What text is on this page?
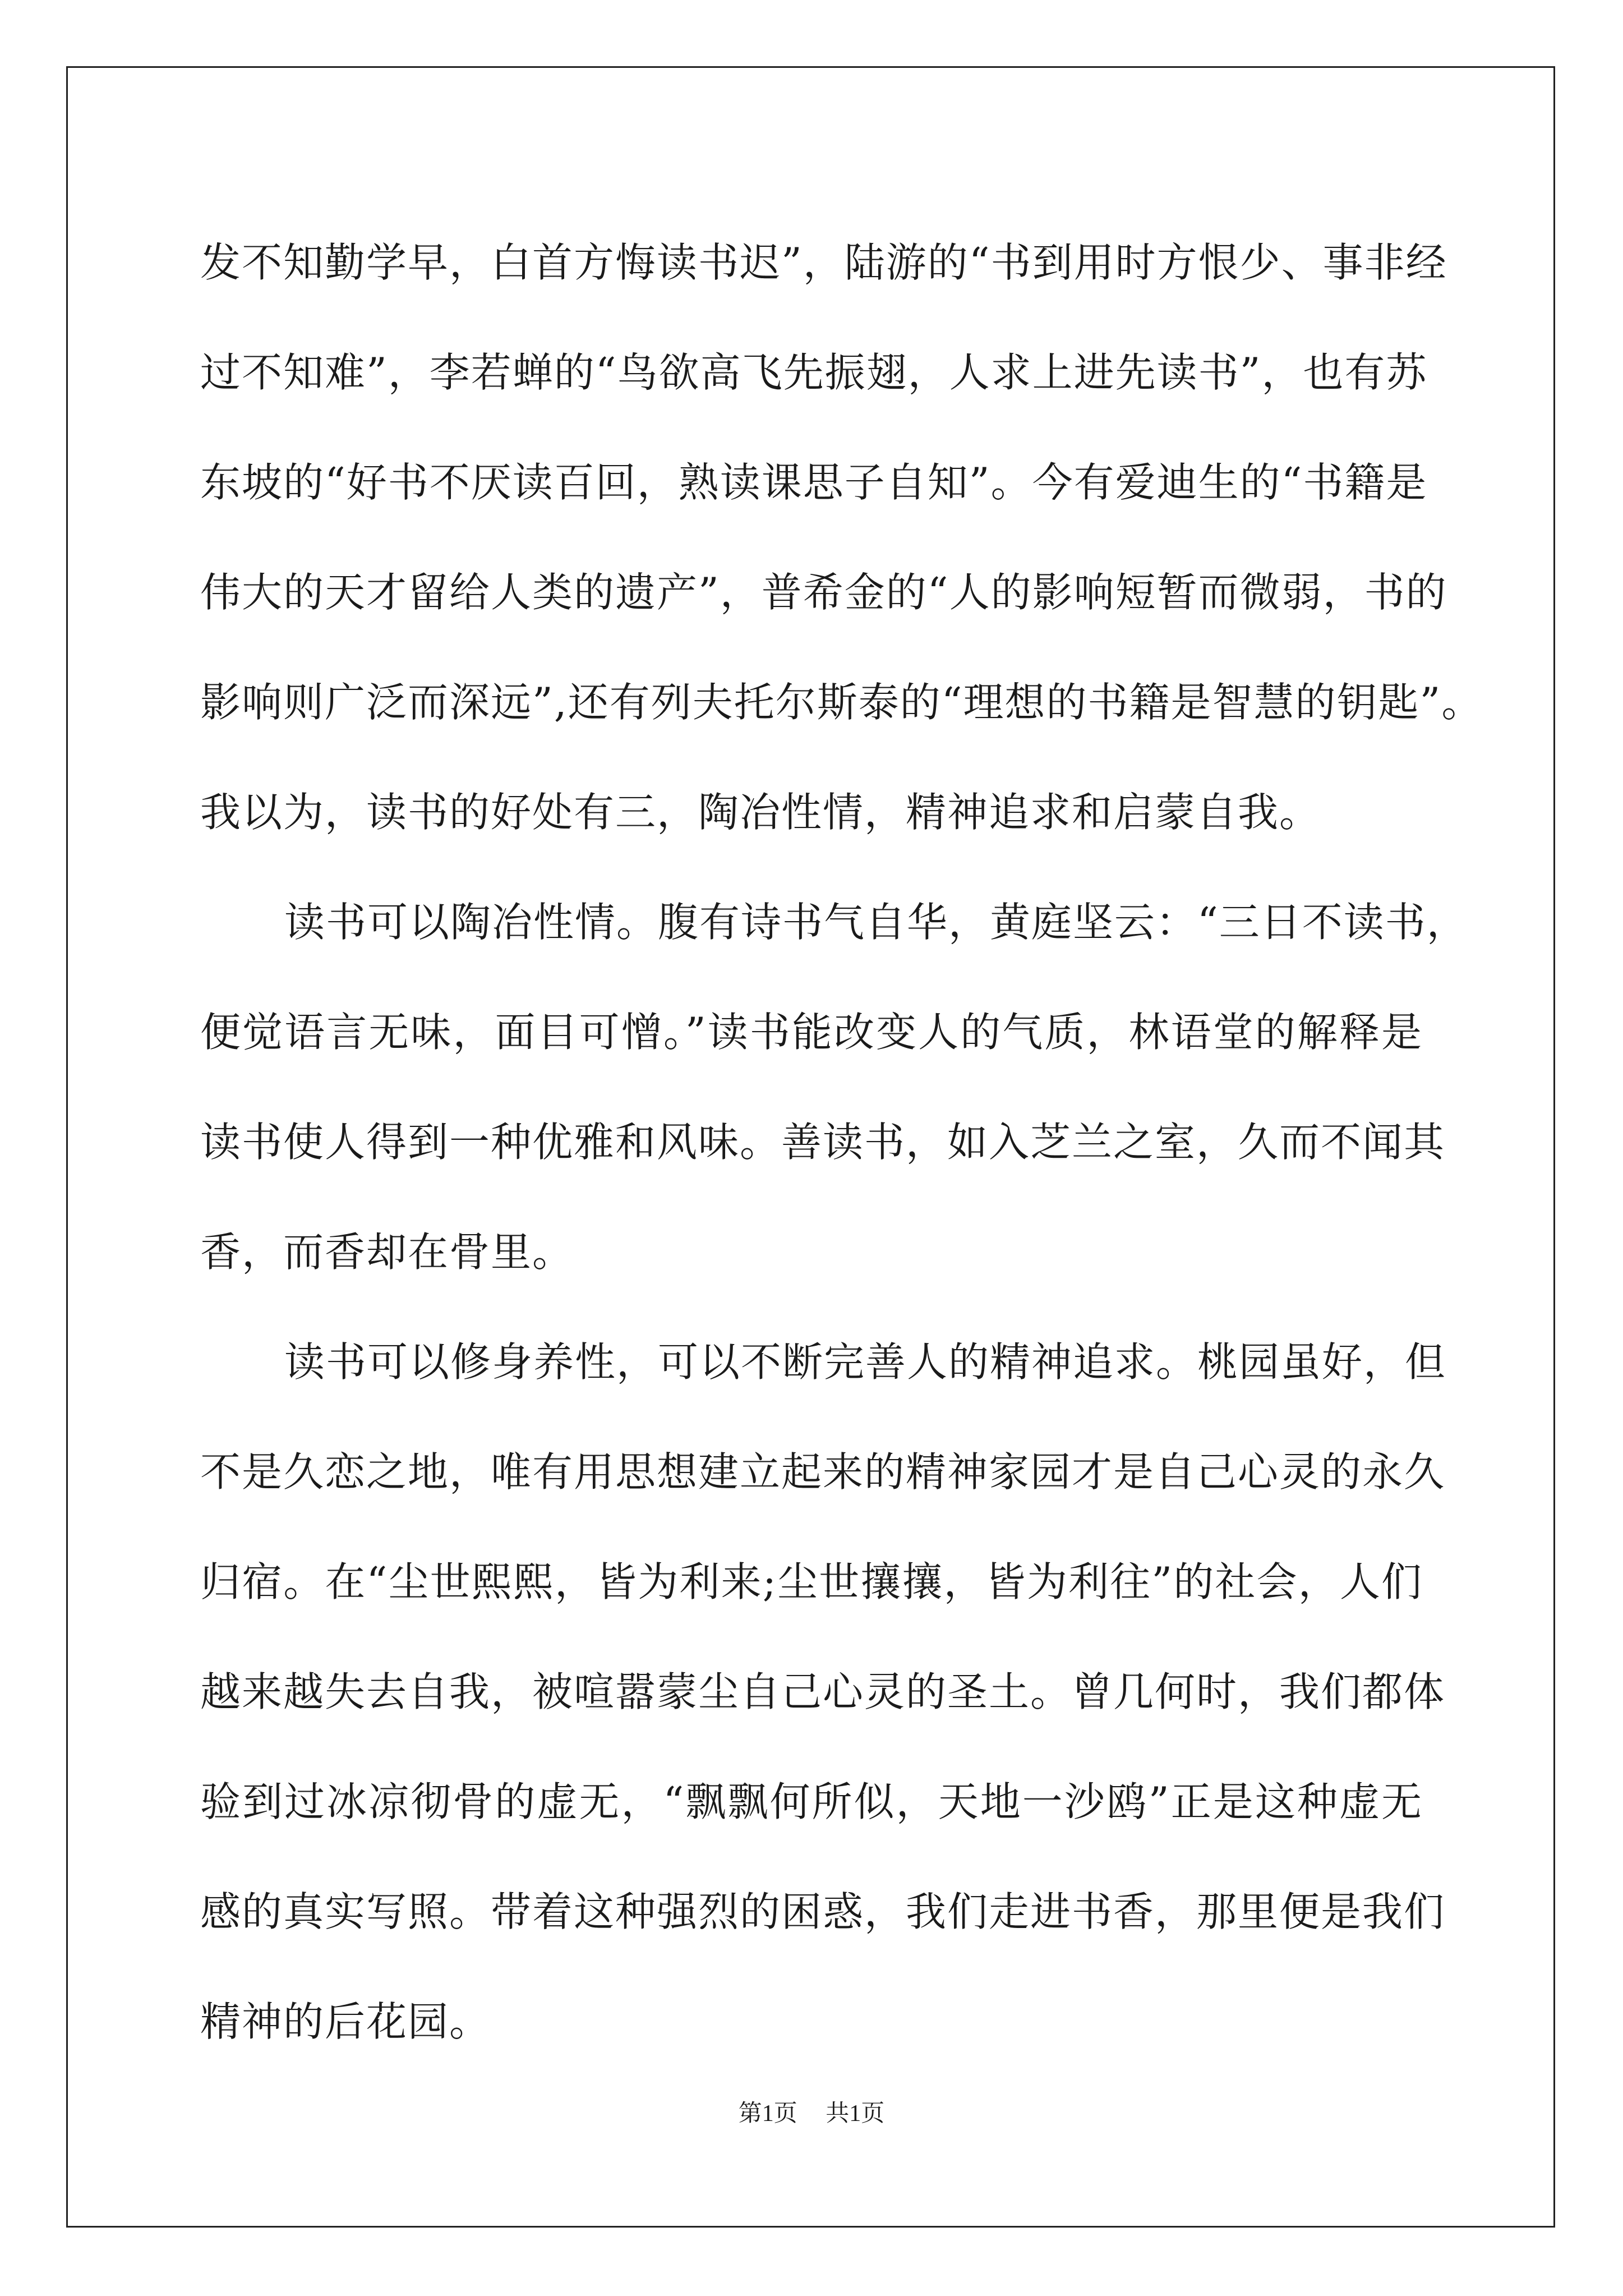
发不知勤学早，白首方悔读书迟”，陆游的“书到用时方恨少、事非经
过不知难”，李若蝉的“鸟欲高飞先振翅，人求上进先读书”，也有苏
东坡的“好书不厌读百回，熟读课思子自知”。今有爱迪生的“书籍是
伟大的天才留给人类的遗产”，普希金的“人的影响短暂而微弱，书的
影响则广泛而深远”,还有列夫托尔斯泰的“理想的书籍是智慧的钥匙”。
我以为，读书的好处有三，陶冶性情，精神追求和启蒙自我。
读书可以陶冶性情。腹有诗书气自华，黄庭坚云：“三日不读书，
便觉语言无味，面目可憎。”读书能改变人的气质，林语堂的解释是
读书使人得到一种优雅和风味。善读书，如入芝兰之室，久而不闻其
香，而香却在骨里。
读书可以修身养性，可以不断完善人的精神追求。桃园虽好，但
不是久恋之地，唯有用思想建立起来的精神家园才是自己心灵的永久
归宿。在“尘世熙熙，皆为利来;尘世攘攘，皆为利往”的社会，人们
越来越失去自我，被喧嚣蒙尘自己心灵的圣土。曾几何时，我们都体
验到过冰凉彻骨的虚无，“飘飘何所似，天地一沙鸥”正是这种虚无
感的真实写照。带着这种强烈的困惑，我们走进书香，那里便是我们
精神的后花园。
第1页 共1页
